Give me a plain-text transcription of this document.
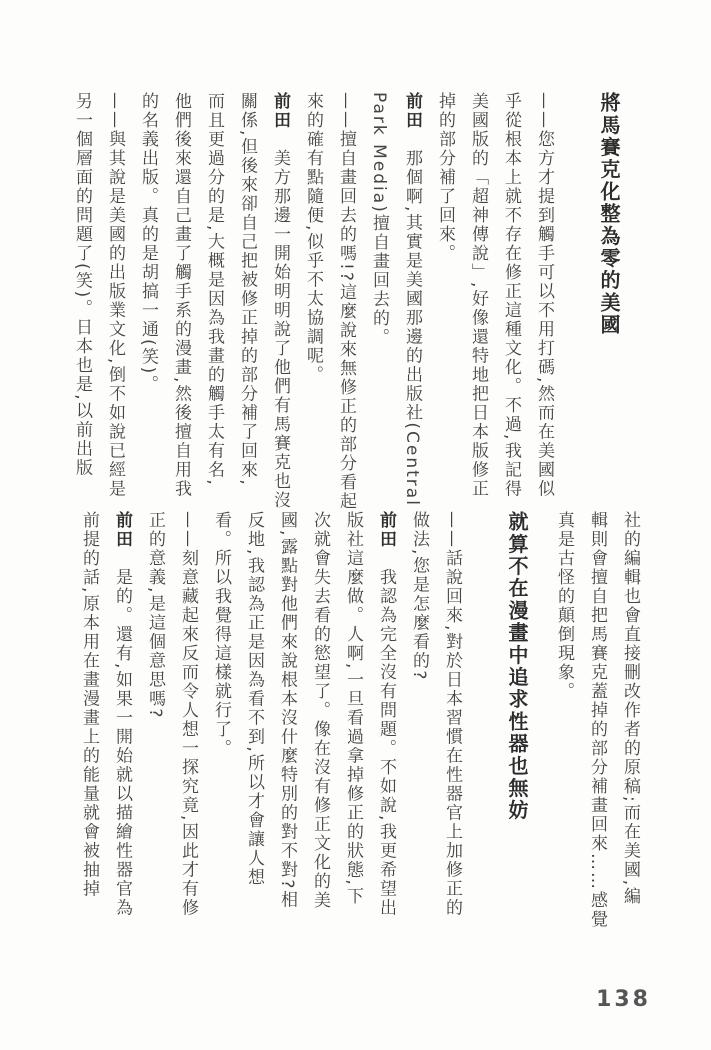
將馬賽克化整為零的美國

——您方才提到觸手可以不用打碼,然而在美國似

乎從根本上就不存在修正這種文化。不過,我記得

美國版的「超神傳說」,好像還特地把日本版修正

掉的部分補了回來。

前田　那個啊,其實是美國那邊的出版社(Central

Park Media)擅自畫回去的。

——擅自畫回去的嗎!?這麼說來無修正的部分看起

來的確有點隨便,似乎不太協調呢。

前田　美方那邊一開始明明說了他們有馬賽克也沒

關係,但後來卻自己把被修正掉的部分補了回來,

而且更過分的是,大概是因為我畫的觸手太有名,

他們後來還自己畫了觸手系的漫畫,然後擅自用我

的名義出版。真的是胡搞一通(笑)。

——與其說是美國的出版業文化,倒不如說已經是

另一個層面的問題了(笑)。日本也是,以前出版

社的編輯也會直接刪改作者的原稿;而在美國,編

輯則會擅自把馬賽克蓋掉的部分補畫回來……感覺

真是古怪的顛倒現象。

就算不在漫畫中追求性器也無妨

——話說回來,對於日本習慣在性器官上加修正的

做法,您是怎麼看的?

前田　我認為完全沒有問題。不如說,我更希望出

版社這麼做。人啊,一旦看過拿掉修正的狀態,下

次就會失去看的慾望了。像在沒有修正文化的美

國,露點對他們來說根本沒什麼特別的對不對?相

反地,我認為正是因為看不到,所以才會讓人想

看。所以我覺得這樣就行了。

——刻意藏起來反而令人想一探究竟,因此才有修

正的意義,是這個意思嗎?

前田　是的。還有,如果一開始就以描繪性器官為

前提的話,原本用在畫漫畫上的能量就會被抽掉

138
